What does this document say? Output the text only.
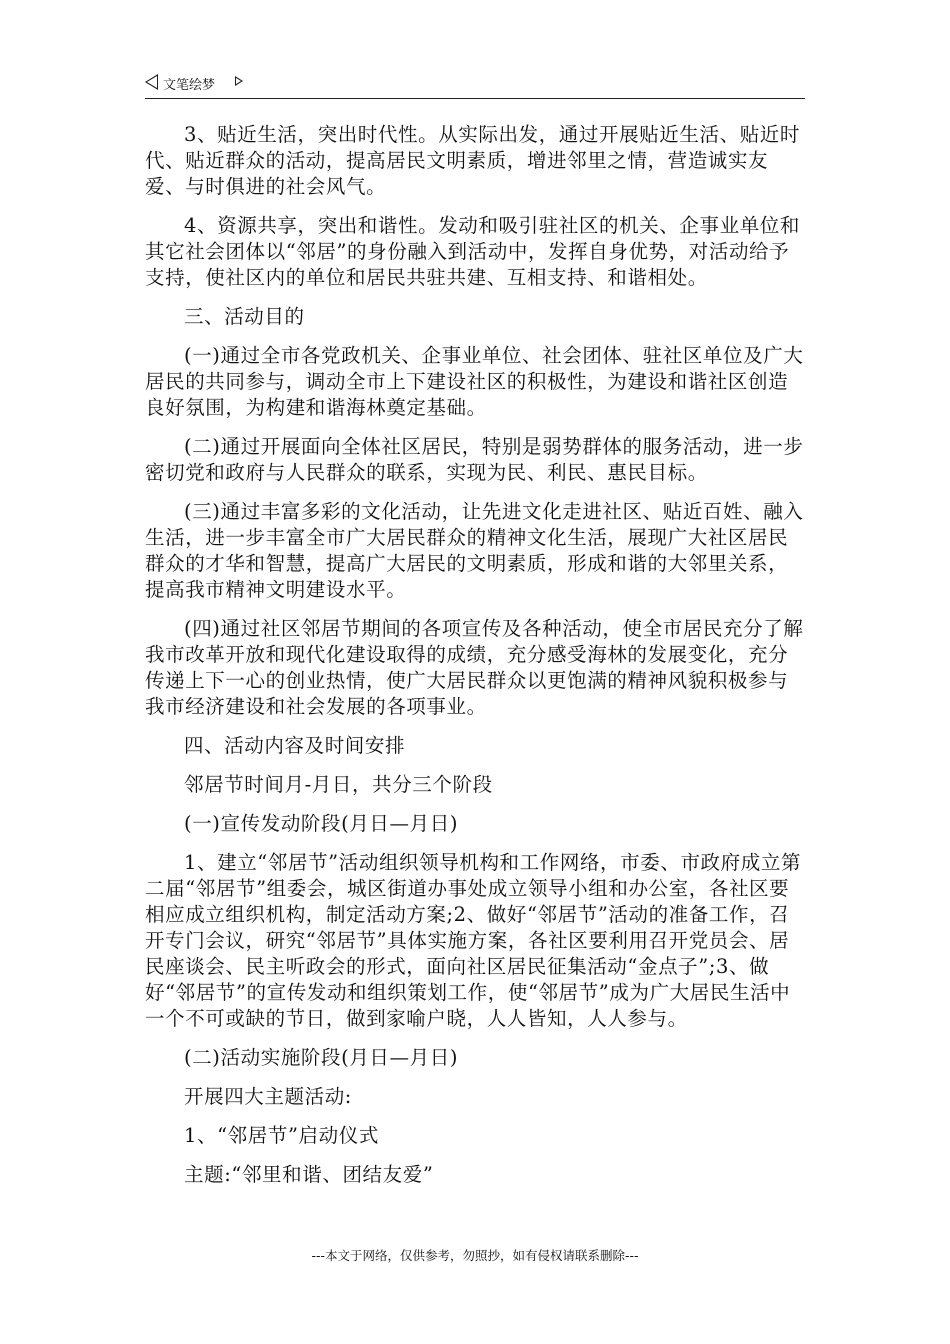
文笔绘梦

3、贴近生活，突出时代性。从实际出发，通过开展贴近生活、贴近时代、贴近群众的活动，提高居民文明素质，增进邻里之情，营造诚实友爱、与时俱进的社会风气。

4、资源共享，突出和谐性。发动和吸引驻社区的机关、企事业单位和其它社会团体以“邻居”的身份融入到活动中，发挥自身优势，对活动给予支持，使社区内的单位和居民共驻共建、互相支持、和谐相处。

三、活动目的

(一)通过全市各党政机关、企事业单位、社会团体、驻社区单位及广大居民的共同参与，调动全市上下建设社区的积极性，为建设和谐社区创造良好氛围，为构建和谐海林奠定基础。

(二)通过开展面向全体社区居民，特别是弱势群体的服务活动，进一步密切党和政府与人民群众的联系，实现为民、利民、惠民目标。

(三)通过丰富多彩的文化活动，让先进文化走进社区、贴近百姓、融入生活，进一步丰富全市广大居民群众的精神文化生活，展现广大社区居民群众的才华和智慧，提高广大居民的文明素质，形成和谐的大邻里关系，提高我市精神文明建设水平。

(四)通过社区邻居节期间的各项宣传及各种活动，使全市居民充分了解我市改革开放和现代化建设取得的成绩，充分感受海林的发展变化，充分传递上下一心的创业热情，使广大居民群众以更饱满的精神风貌积极参与我市经济建设和社会发展的各项事业。

四、活动内容及时间安排

邻居节时间月-月日，共分三个阶段

(一)宣传发动阶段(月日—月日)

1、建立“邻居节”活动组织领导机构和工作网络，市委、市政府成立第二届“邻居节”组委会，城区街道办事处成立领导小组和办公室，各社区要相应成立组织机构，制定活动方案;2、做好“邻居节”活动的准备工作，召开专门会议，研究“邻居节”具体实施方案，各社区要利用召开党员会、居民座谈会、民主听政会的形式，面向社区居民征集活动“金点子”;3、做好“邻居节”的宣传发动和组织策划工作，使“邻居节”成为广大居民生活中一个不可或缺的节日，做到家喻户晓，人人皆知，人人参与。

(二)活动实施阶段(月日—月日)

开展四大主题活动:

1、“邻居节”启动仪式

主题:“邻里和谐、团结友爱”

---本文于网络，仅供参考，勿照抄，如有侵权请联系删除---
